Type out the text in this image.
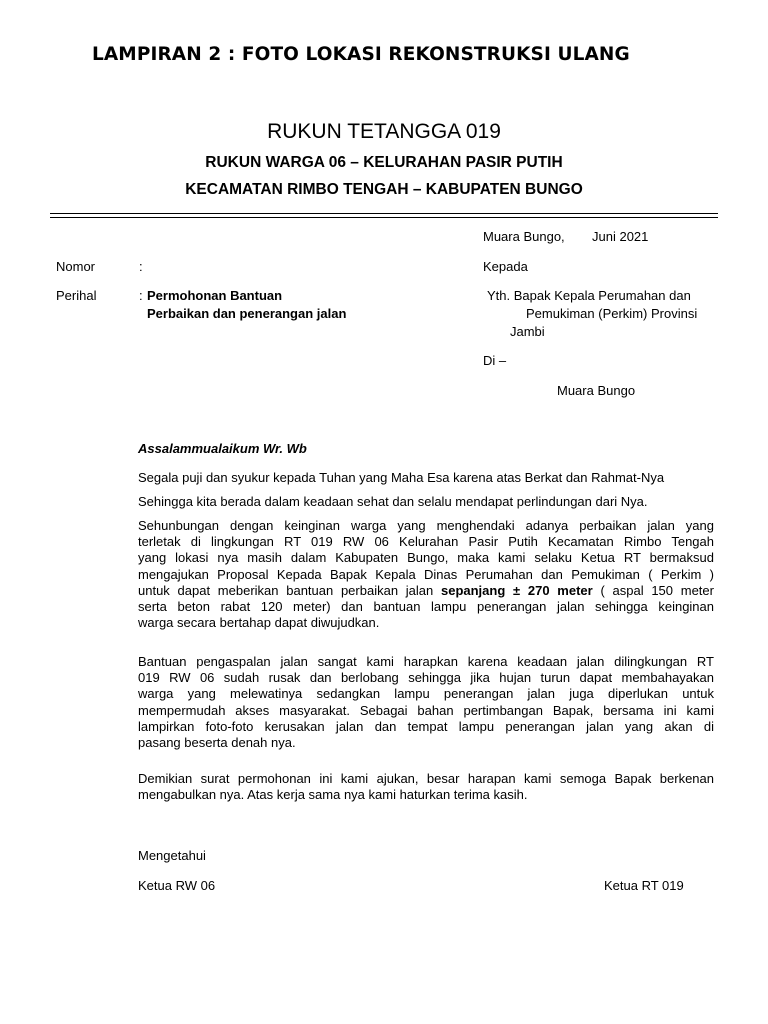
LAMPIRAN 2 : FOTO LOKASI REKONSTRUKSI ULANG
RUKUN TETANGGA 019
RUKUN WARGA 06 – KELURAHAN PASIR PUTIH
KECAMATAN RIMBO TENGAH – KABUPATEN BUNGO
Muara Bungo, Juni 2021
Nomor	:	Kepada
Perihal	: Permohonan Bantuan
Perbaikan dan penerangan jalan
Yth. Bapak Kepala Perumahan dan
Pemukiman (Perkim) Provinsi
Jambi
Di –
Muara Bungo
Assalammualaikum Wr. Wb
Segala puji dan syukur kepada Tuhan yang Maha Esa karena atas Berkat dan Rahmat-Nya
Sehingga kita berada dalam keadaan sehat dan selalu mendapat perlindungan dari Nya.
Sehunbungan dengan keinginan warga yang menghendaki adanya perbaikan jalan yang
terletak di lingkungan RT 019 RW 06 Kelurahan Pasir Putih Kecamatan Rimbo Tengah
yang lokasi nya masih dalam Kabupaten Bungo, maka kami selaku Ketua RT bermaksud
mengajukan Proposal Kepada Bapak Kepala Dinas Perumahan dan Pemukiman ( Perkim )
untuk dapat meberikan bantuan perbaikan jalan sepanjang ± 270 meter ( aspal 150 meter
serta beton rabat 120 meter) dan bantuan lampu penerangan jalan sehingga keinginan
warga secara bertahap dapat diwujudkan.
Bantuan pengaspalan jalan sangat kami harapkan karena keadaan jalan dilingkungan RT
019 RW 06 sudah rusak dan berlobang sehingga jika hujan turun dapat membahayakan
warga yang melewatinya sedangkan lampu penerangan jalan juga diperlukan untuk
mempermudah akses masyarakat. Sebagai bahan pertimbangan Bapak, bersama ini kami
lampirkan foto-foto kerusakan jalan dan tempat lampu penerangan jalan yang akan di
pasang beserta denah nya.
Demikian surat permohonan ini kami ajukan, besar harapan kami semoga Bapak berkenan
mengabulkan nya. Atas kerja sama nya kami haturkan terima kasih.
Mengetahui
Ketua RW 06	Ketua RT 019
